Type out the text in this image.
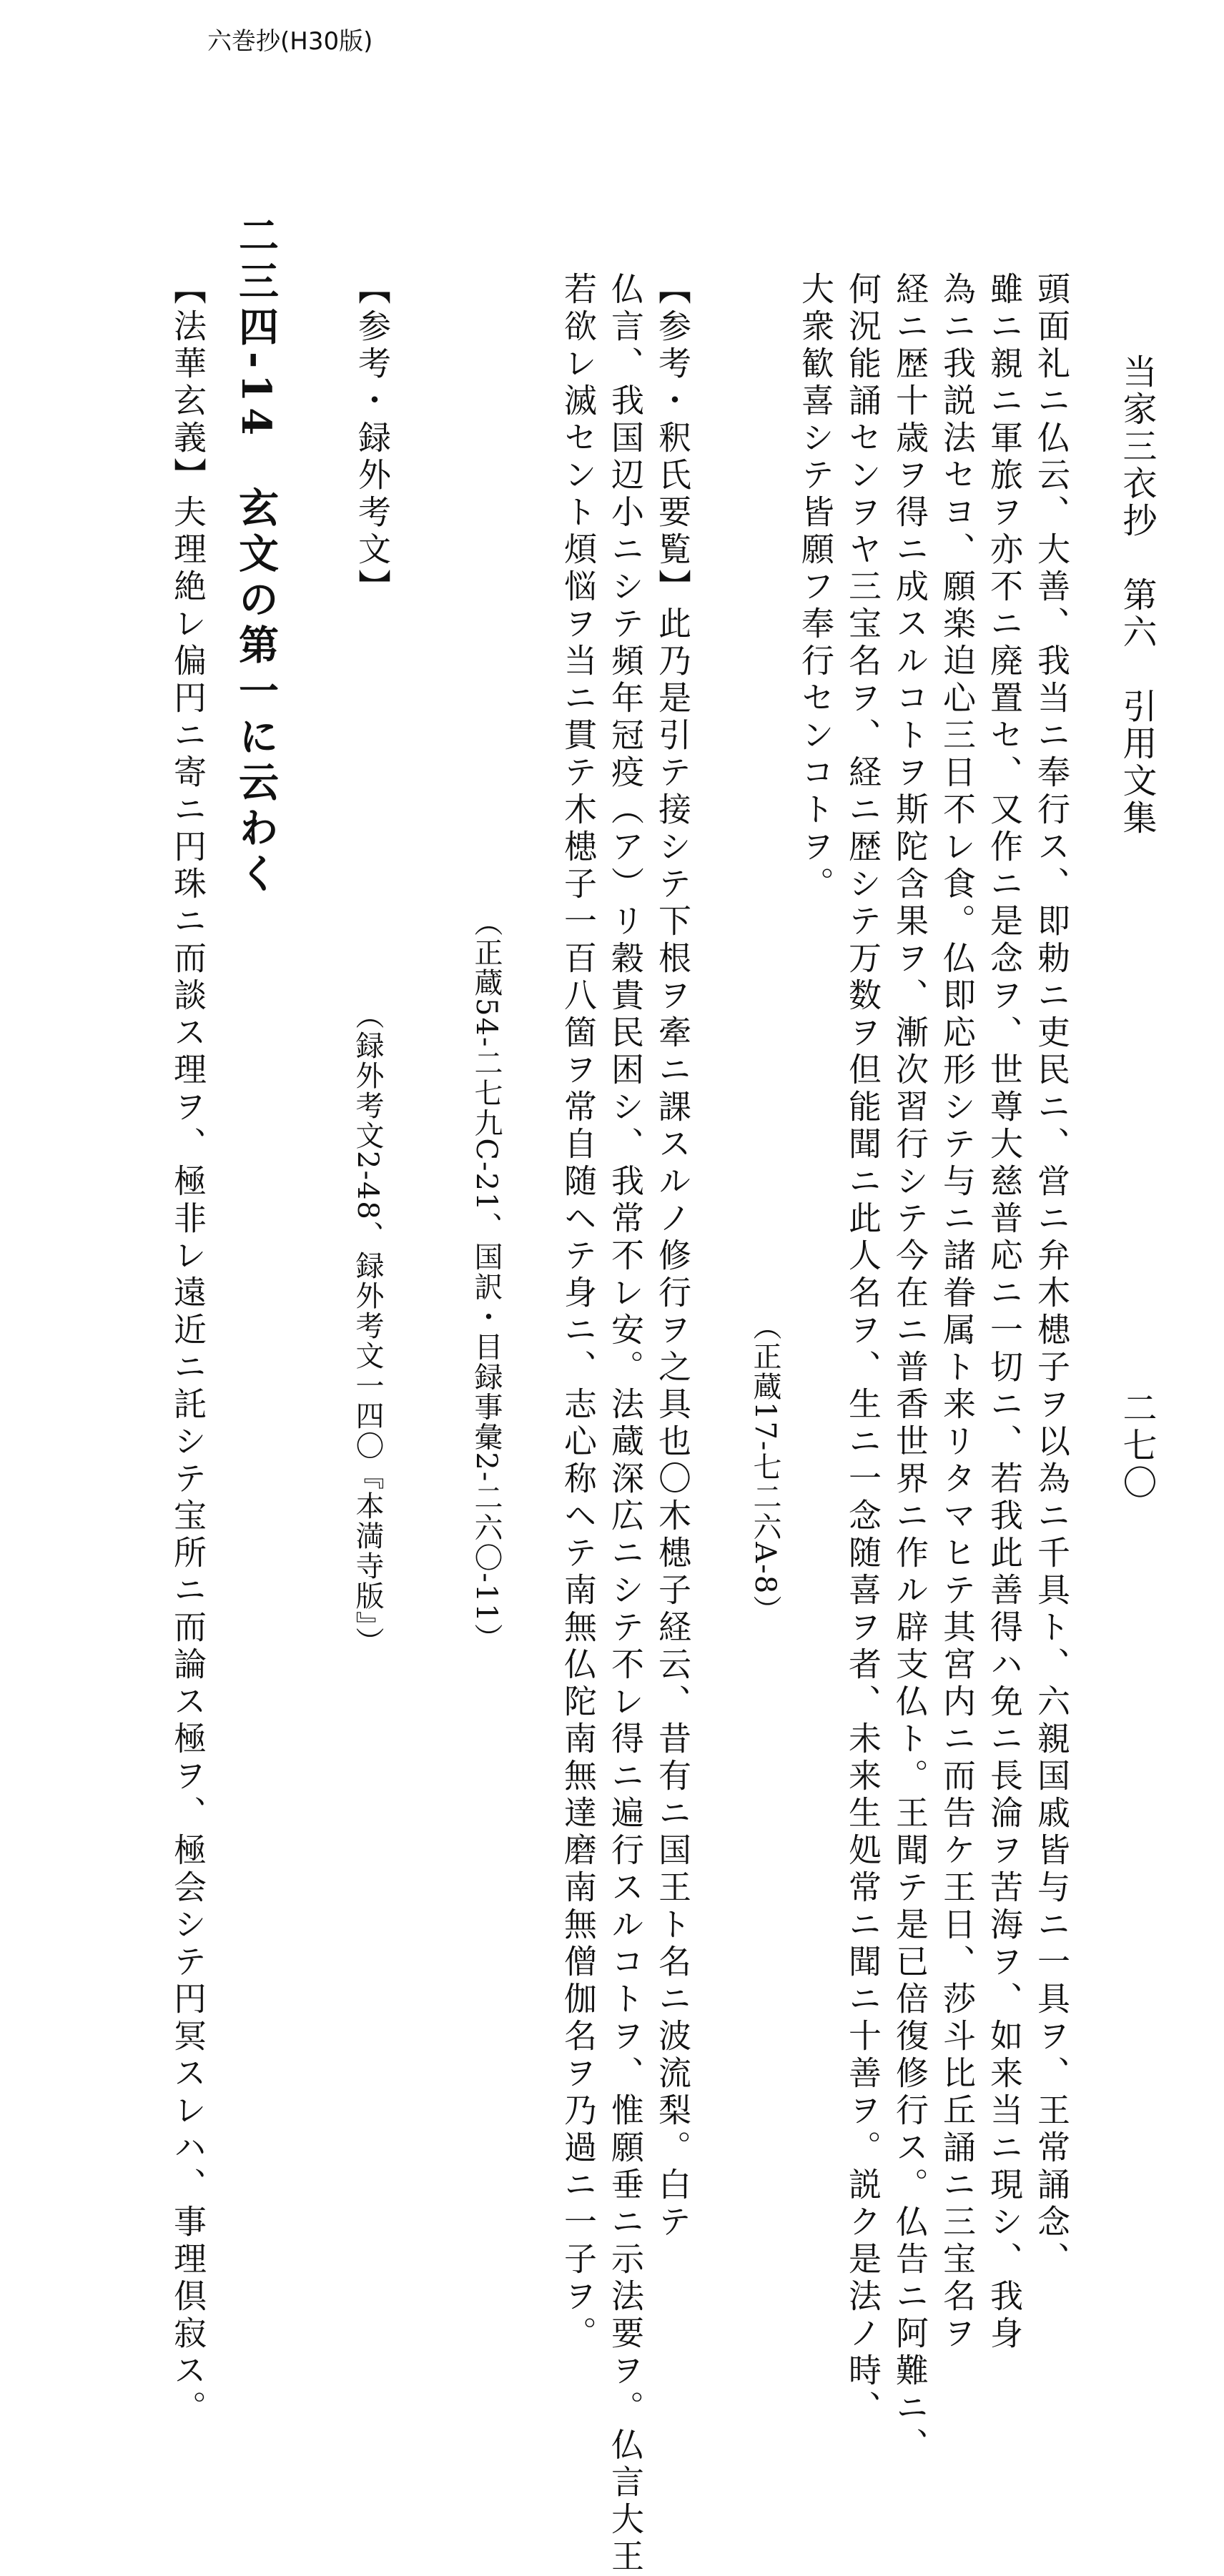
六巻抄(H30版)
当家三衣抄　第六　引用文集
二七〇
頭面礼ニ仏云、大善、我当ニ奉行ス、即勅ニ吏民ニ、営ニ弁木槵子ヲ以為ニ千具ト、六親国戚皆与ニ一具ヲ、王常誦念、
雖ニ親ニ軍旅ヲ亦不ニ廃置セ、又作ニ是念ヲ、世尊大慈普応ニ一切ニ、若我此善得ハ免ニ長淪ヲ苦海ヲ、如来当ニ現シ、我身
為ニ我説法セヨ、願楽迫心三日不レ食。仏即応形シテ与ニ諸眷属ト来リタマヒテ其宮内ニ而告ケ王日、莎斗比丘誦ニ三宝名ヲ
経ニ歴十歳ヲ得ニ成スルコトヲ斯陀含果ヲ、漸次習行シテ今在ニ普香世界ニ作ル辟支仏ト。王聞テ是已倍復修行ス。仏告ニ阿難ニ、
何況能誦センヲヤ三宝名ヲ、経ニ歴シテ万数ヲ但能聞ニ此人名ヲ、生ニ一念随喜ヲ者、未来生処常ニ聞ニ十善ヲ。説ク是法ノ時、
大衆歓喜シテ皆願フ奉行センコトヲ。
（正蔵17-七二六A-8）
【参考・釈氏要覧】此乃是引テ接シテ下根ヲ牽ニ課スルノ修行ヲ之具也〇木槵子経云、昔有ニ国王ト名ニ波流梨。白テ
仏言、我国辺小ニシテ頻年冠疫（ア）リ穀貴民困シ、我常不レ安。法蔵深広ニシテ不レ得ニ遍行スルコトヲ、惟願垂ニ示法要ヲ。仏言大王
若欲レ滅セント煩悩ヲ当ニ貫テ木槵子一百八箇ヲ常自随ヘテ身ニ、志心称ヘテ南無仏陀南無達磨南無僧伽名ヲ乃過ニ一子ヲ。
（正蔵54-二七九C-21、国訳・目録事彙2-二六〇-11）
【参考・録外考文】
（録外考文2-48、録外考文一四〇『本満寺版』）
二三四-14　玄文の第一に云わく
【法華玄義】夫理絶レ偏円ニ寄ニ円珠ニ而談ス理ヲ、極非レ遠近ニ託シテ宝所ニ而論ス極ヲ、極会シテ円冥スレハ、事理倶寂ス。
